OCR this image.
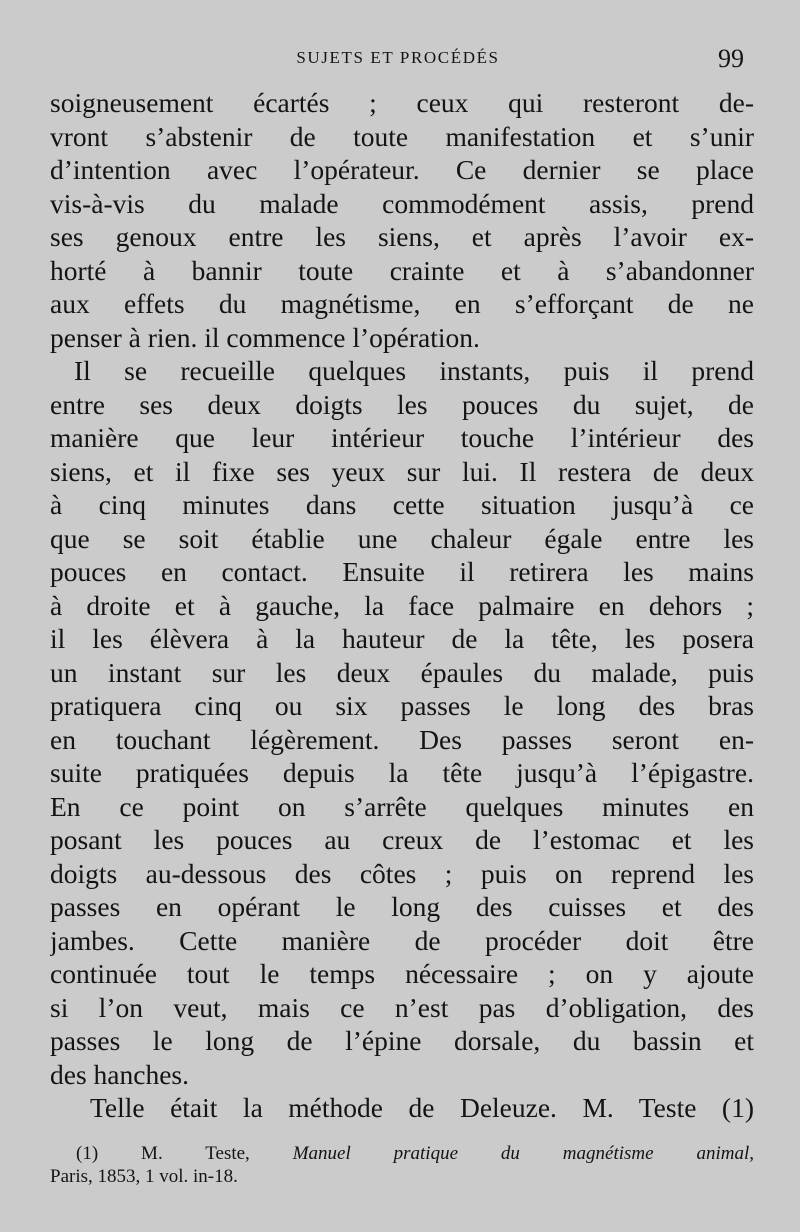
SUJETS ET PROCÉDÉS	99
soigneusement écartés ; ceux qui resteront de-
vront s’abstenir de toute manifestation et s’unir
d’intention avec l’opérateur. Ce dernier se place
vis-à-vis du malade commodément assis, prend
ses genoux entre les siens, et après l’avoir ex-
horté à bannir toute crainte et à s’abandonner
aux effets du magnétisme, en s’efforçant de ne
penser à rien. il commence l’opération.
Il se recueille quelques instants, puis il prend
entre ses deux doigts les pouces du sujet, de
manière que leur intérieur touche l’intérieur des
siens, et il fixe ses yeux sur lui. Il restera de deux
à cinq minutes dans cette situation jusqu’à ce
que se soit établie une chaleur égale entre les
pouces en contact. Ensuite il retirera les mains
à droite et à gauche, la face palmaire en dehors ;
il les élèvera à la hauteur de la tête, les posera
un instant sur les deux épaules du malade, puis
pratiquera cinq ou six passes le long des bras
en touchant légèrement. Des passes seront en-
suite pratiquées depuis la tête jusqu’à l’épigastre.
En ce point on s’arrête quelques minutes en
posant les pouces au creux de l’estomac et les
doigts au-dessous des côtes ; puis on reprend les
passes en opérant le long des cuisses et des
jambes. Cette manière de procéder doit être
continuée tout le temps nécessaire ; on y ajoute
si l’on veut, mais ce n’est pas d’obligation, des
passes le long de l’épine dorsale, du bassin et
des hanches.
Telle était la méthode de Deleuze. M. Teste (1)
(1) M. Teste, Manuel pratique du magnétisme animal,
Paris, 1853, 1 vol. in-18.
